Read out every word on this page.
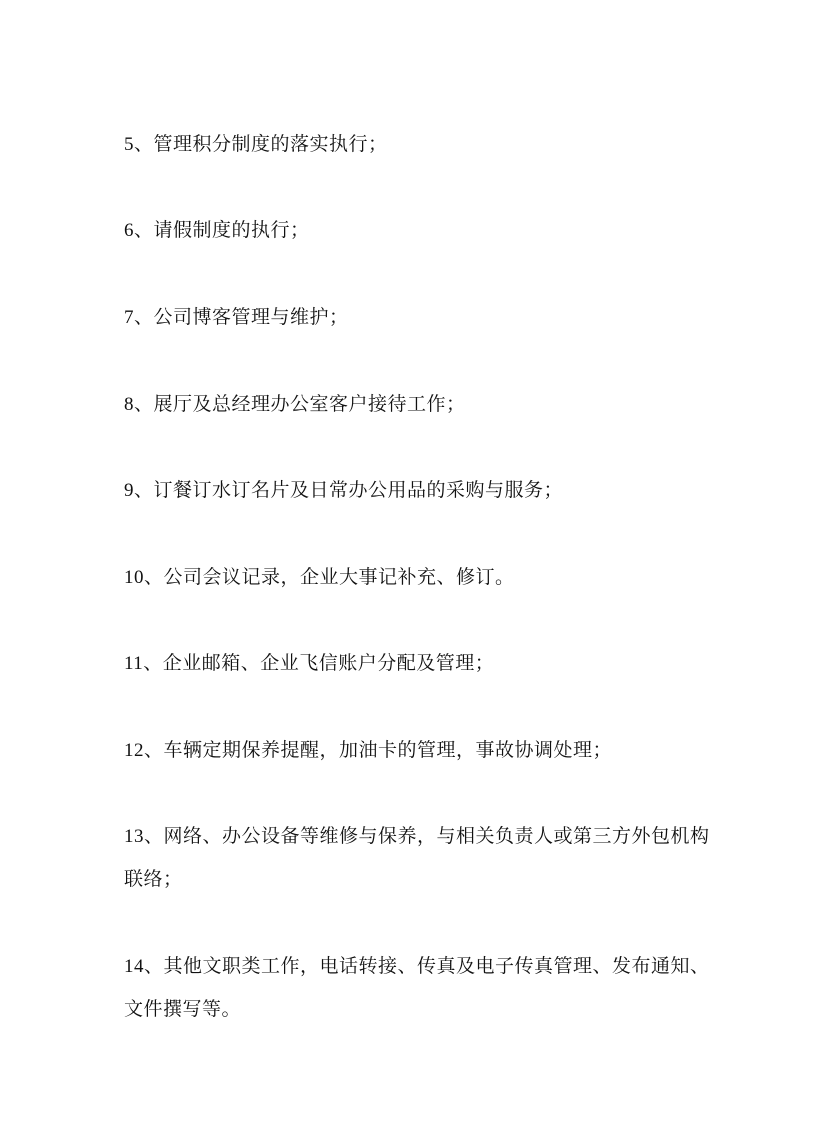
5、管理积分制度的落实执行；
6、请假制度的执行；
7、公司博客管理与维护；
8、展厅及总经理办公室客户接待工作；
9、订餐订水订名片及日常办公用品的采购与服务；
10、公司会议记录，企业大事记补充、修订。
11、企业邮箱、企业飞信账户分配及管理；
12、车辆定期保养提醒，加油卡的管理，事故协调处理；
13、网络、办公设备等维修与保养，与相关负责人或第三方外包机构联络；
14、其他文职类工作，电话转接、传真及电子传真管理、发布通知、文件撰写等。
